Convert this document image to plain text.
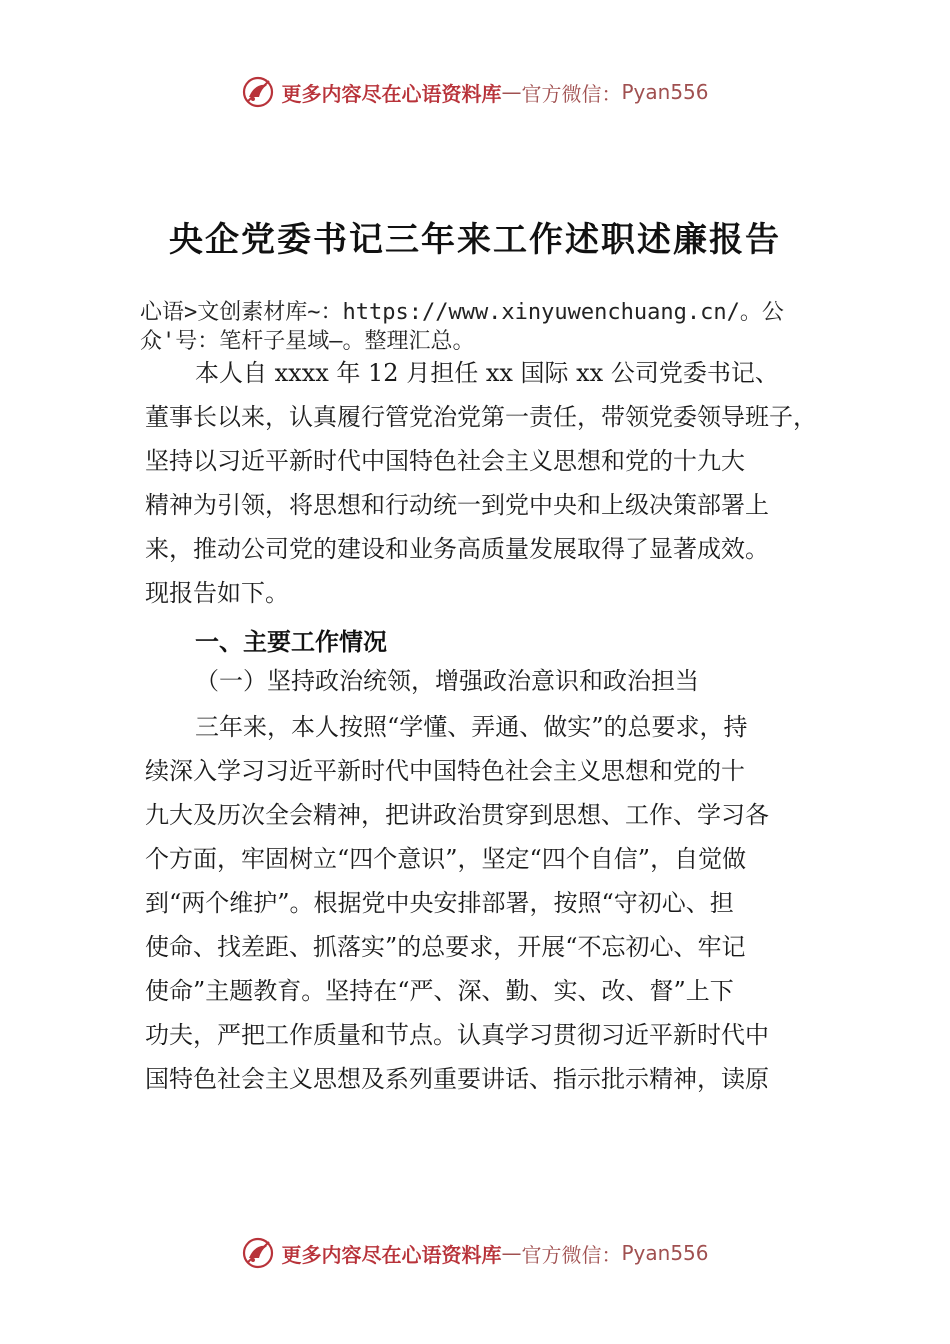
更多内容尽在心语资料库 — 官方微信： Pyan556
央企党委书记三年来工作述职述廉报告
心语>文创素材库~：https://www.xinyuwenchuang.cn/。公
众'号：笔杆子星域—。整理汇总。
本人自 xxxx 年 12 月担任 xx 国际 xx 公司党委书记、
董事长以来，认真履行管党治党第一责任，带领党委领导班子，
坚持以习近平新时代中国特色社会主义思想和党的十九大
精神为引领，将思想和行动统一到党中央和上级决策部署上
来，推动公司党的建设和业务高质量发展取得了显著成效。
现报告如下。
一、主要工作情况
（一）坚持政治统领，增强政治意识和政治担当
三年来，本人按照“学懂、弄通、做实”的总要求，持
续深入学习习近平新时代中国特色社会主义思想和党的十
九大及历次全会精神，把讲政治贯穿到思想、工作、学习各
个方面，牢固树立“四个意识”，坚定“四个自信”，自觉做
到“两个维护”。根据党中央安排部署，按照“守初心、担
使命、找差距、抓落实”的总要求，开展“不忘初心、牢记
使命”主题教育。坚持在“严、深、勤、实、改、督”上下
功夫，严把工作质量和节点。认真学习贯彻习近平新时代中
国特色社会主义思想及系列重要讲话、指示批示精神，读原
更多内容尽在心语资料库 — 官方微信： Pyan556
